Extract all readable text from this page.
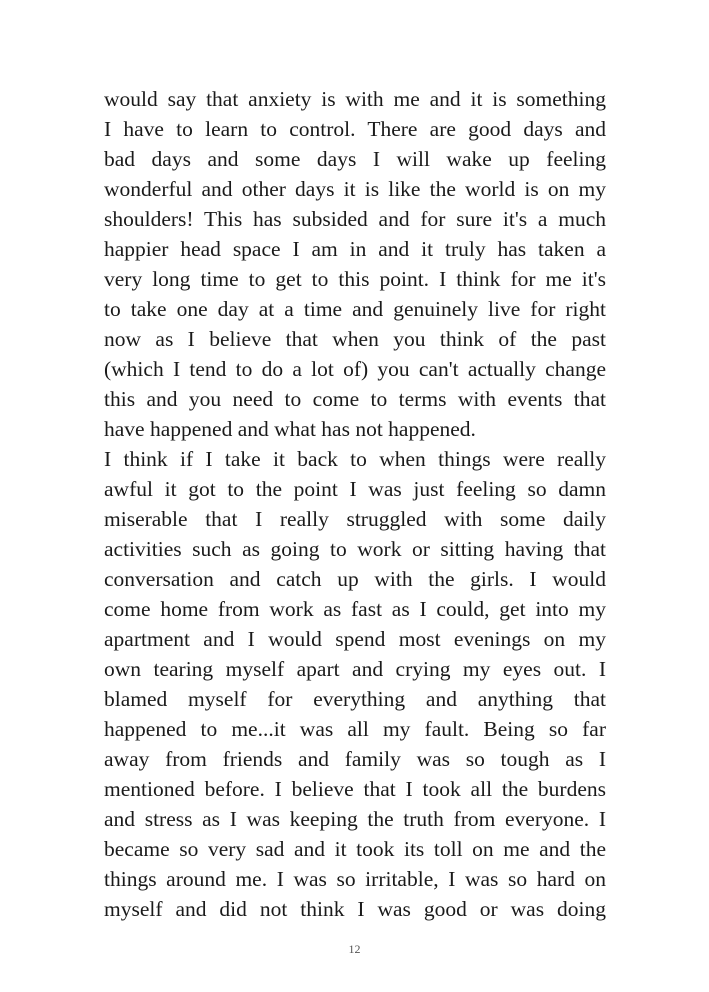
would say that anxiety is with me and it is something
I have to learn to control. There are good days and
bad days and some days I will wake up feeling
wonderful and other days it is like the world is on my
shoulders! This has subsided and for sure it's a much
happier head space I am in and it truly has taken a
very long time to get to this point. I think for me it's
to take one day at a time and genuinely live for right
now as I believe that when you think of the past
(which I tend to do a lot of) you can't actually change
this and you need to come to terms with events that
have happened and what has not happened.
I think if I take it back to when things were really
awful it got to the point I was just feeling so damn
miserable that I really struggled with some daily
activities such as going to work or sitting having that
conversation and catch up with the girls. I would
come home from work as fast as I could, get into my
apartment and I would spend most evenings on my
own tearing myself apart and crying my eyes out. I
blamed myself for everything and anything that
happened to me...it was all my fault. Being so far
away from friends and family was so tough as I
mentioned before. I believe that I took all the burdens
and stress as I was keeping the truth from everyone. I
became so very sad and it took its toll on me and the
things around me. I was so irritable, I was so hard on
myself and did not think I was good or was doing
12
